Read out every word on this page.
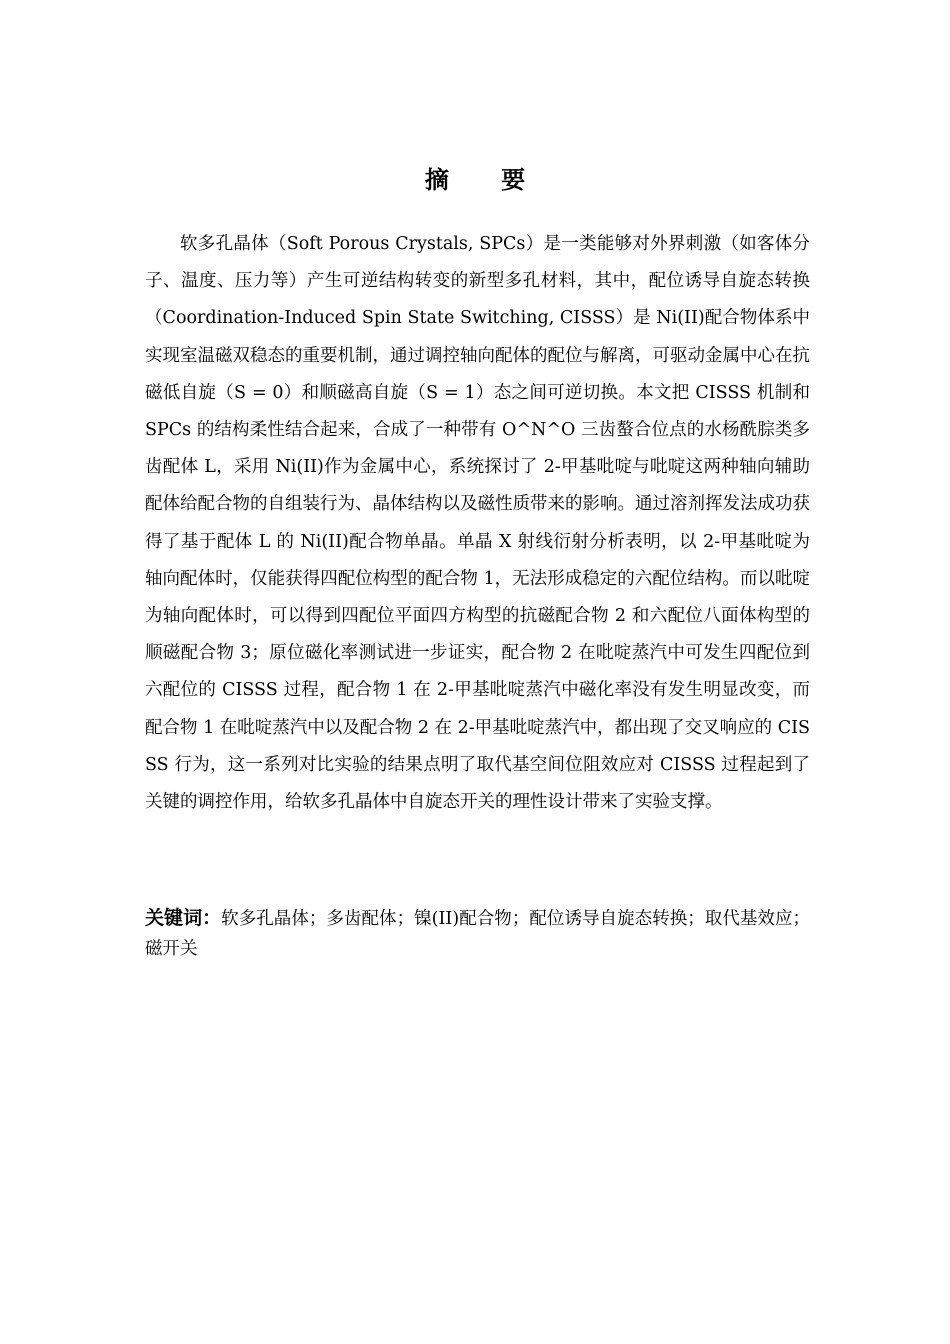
摘 要

软多孔晶体（Soft Porous Crystals, SPCs）是一类能够对外界刺激（如客体分子、温度、压力等）产生可逆结构转变的新型多孔材料，其中，配位诱导自旋态转换（Coordination-Induced Spin State Switching, CISSS）是 Ni(II)配合物体系中实现室温磁双稳态的重要机制，通过调控轴向配体的配位与解离，可驱动金属中心在抗磁低自旋（S = 0）和顺磁高自旋（S = 1）态之间可逆切换。本文把 CISSS 机制和 SPCs 的结构柔性结合起来，合成了一种带有 O^N^O 三齿螯合位点的水杨酰腙类多齿配体 L，采用 Ni(II)作为金属中心，系统探讨了 2-甲基吡啶与吡啶这两种轴向辅助配体给配合物的自组装行为、晶体结构以及磁性质带来的影响。通过溶剂挥发法成功获得了基于配体 L 的 Ni(II)配合物单晶。单晶 X 射线衍射分析表明，以 2-甲基吡啶为轴向配体时，仅能获得四配位构型的配合物 1，无法形成稳定的六配位结构。而以吡啶为轴向配体时，可以得到四配位平面四方构型的抗磁配合物 2 和六配位八面体构型的顺磁配合物 3；原位磁化率测试进一步证实，配合物 2 在吡啶蒸汽中可发生四配位到六配位的 CISSS 过程，配合物 1 在 2-甲基吡啶蒸汽中磁化率没有发生明显改变，而配合物 1 在吡啶蒸汽中以及配合物 2 在 2-甲基吡啶蒸汽中，都出现了交叉响应的 CISSS 行为，这一系列对比实验的结果点明了取代基空间位阻效应对 CISSS 过程起到了关键的调控作用，给软多孔晶体中自旋态开关的理性设计带来了实验支撑。

关键词：软多孔晶体；多齿配体；镍(II)配合物；配位诱导自旋态转换；取代基效应；磁开关
